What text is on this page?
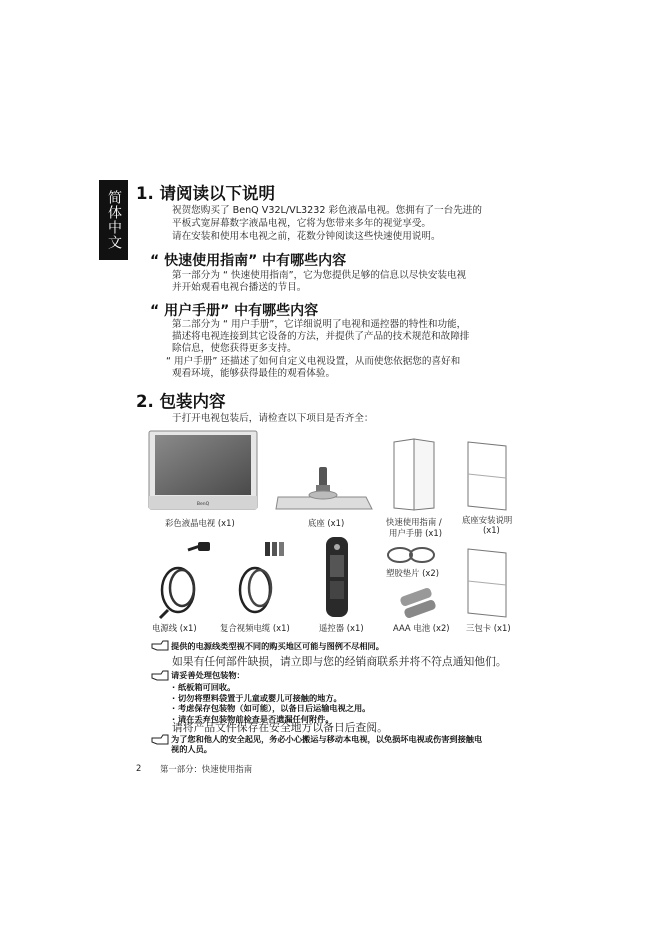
简体中文 1. 请阅读以下说明

祝贺您购买了 BenQ V32L/VL3232 彩色液晶电视。您拥有了一台先进的

平板式宽屏幕数字液晶电视，它将为您带来多年的视觉享受。

请在安装和使用本电视之前，花数分钟阅读这些快速使用说明。

“ 快速使用指南” 中有哪些内容

第一部分为 “ 快速使用指南”，它为您提供足够的信息以尽快安装电视

并开始观看电视台播送的节目。

“ 用户手册” 中有哪些内容

第二部分为 “ 用户手册”，它详细说明了电视和遥控器的特性和功能，

描述将电视连接到其它设备的方法，并提供了产品的技术规范和故障排

除信息，使您获得更多支持。

“ 用户手册” 还描述了如何自定义电视设置，从而使您依据您的喜好和

观看环境，能够获得最佳的观看体验。

2. 包装内容

于打开电视包装后，请检查以下项目是否齐全：

BenQ
彩色液晶电视 (x1)	底座 (x1)	快速使用指南 /
用户手册 (x1)
底座安装说明
(x1)
塑胶垫片 (x2)
电源线 (x1)	复合视频电缆 (x1)	遥控器 (x1)	AAA 电池 (x2) 三包卡 (x1)
提供的电源线类型视不同的购买地区可能与图例不尽相同。

如果有任何部件缺损，请立即与您的经销商联系并将不符点通知他们。

请妥善处理包装物：
· 纸板箱可回收。
· 切勿将塑料袋置于儿童或婴儿可接触的地方。
· 考虑保存包装物（如可能），以备日后运输电视之用。
· 请在丢弃包装物前检查是否遗漏任何附件。

请将产品文件保存在安全地方以备日后查阅。

为了您和他人的安全起见，务必小心搬运与移动本电视，以免损坏电视或伤害到接触电
视的人员。
2 第一部分：快速使用指南
